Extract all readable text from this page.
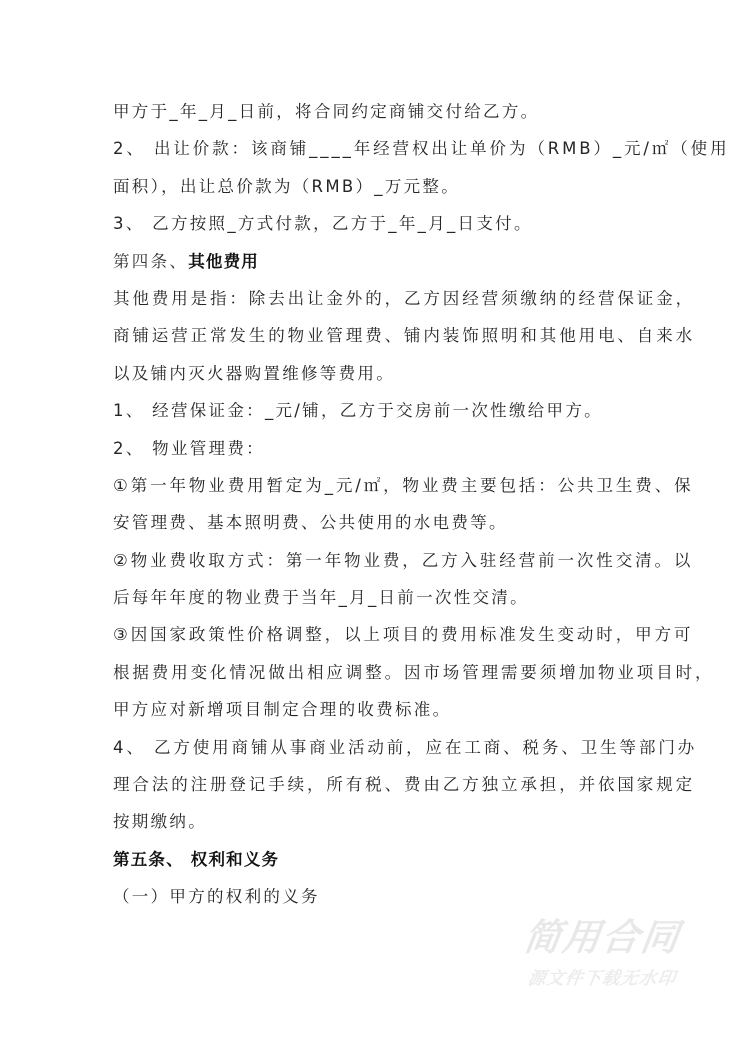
甲方于_年_月_日前，将合同约定商铺交付给乙方。
2、 出让价款：该商铺____年经营权出让单价为（RMB）_元/㎡（使用
面积），出让总价款为（RMB）_万元整。
3、 乙方按照_方式付款，乙方于_年_月_日支付。
第四条、其他费用
其他费用是指：除去出让金外的，乙方因经营须缴纳的经营保证金，
商铺运营正常发生的物业管理费、铺内装饰照明和其他用电、自来水
以及铺内灭火器购置维修等费用。
1、 经营保证金：_元/铺，乙方于交房前一次性缴给甲方。
2、 物业管理费：
①第一年物业费用暂定为_元/㎡，物业费主要包括：公共卫生费、保
安管理费、基本照明费、公共使用的水电费等。
②物业费收取方式：第一年物业费，乙方入驻经营前一次性交清。以
后每年年度的物业费于当年_月_日前一次性交清。
③因国家政策性价格调整，以上项目的费用标准发生变动时，甲方可
根据费用变化情况做出相应调整。因市场管理需要须增加物业项目时，
甲方应对新增项目制定合理的收费标准。
4、 乙方使用商铺从事商业活动前，应在工商、税务、卫生等部门办
理合法的注册登记手续，所有税、费由乙方独立承担，并依国家规定
按期缴纳。
第五条、 权利和义务
（一）甲方的权利的义务
简用合同
源文件下载无水印
